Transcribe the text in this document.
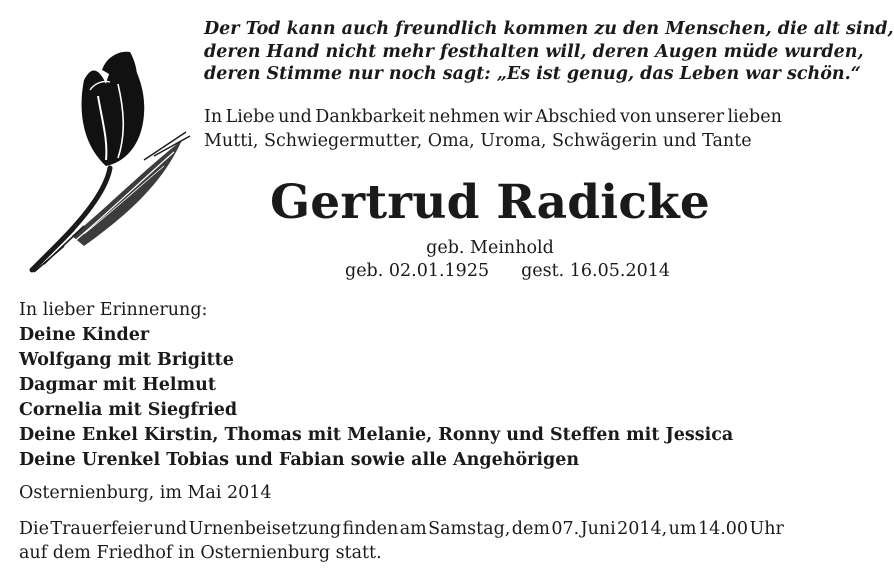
Der Tod kann auch freundlich kommen zu den Menschen, die alt sind,
deren Hand nicht mehr festhalten will, deren Augen müde wurden,
deren Stimme nur noch sagt: „Es ist genug, das Leben war schön.“
In Liebe und Dankbarkeit nehmen wir Abschied von unserer lieben
Mutti, Schwiegermutter, Oma, Uroma, Schwägerin und Tante
Gertrud Radicke
geb. Meinhold
geb. 02.01.1925 gest. 16.05.2014
In lieber Erinnerung:
Deine Kinder
Wolfgang mit Brigitte
Dagmar mit Helmut
Cornelia mit Siegfried
Deine Enkel Kirstin, Thomas mit Melanie, Ronny und Steffen mit Jessica
Deine Urenkel Tobias und Fabian sowie alle Angehörigen
Osternienburg, im Mai 2014
Die Trauerfeier und Urnenbeisetzung finden am Samstag, dem 07. Juni 2014, um 14.00 Uhr
auf dem Friedhof in Osternienburg statt.
